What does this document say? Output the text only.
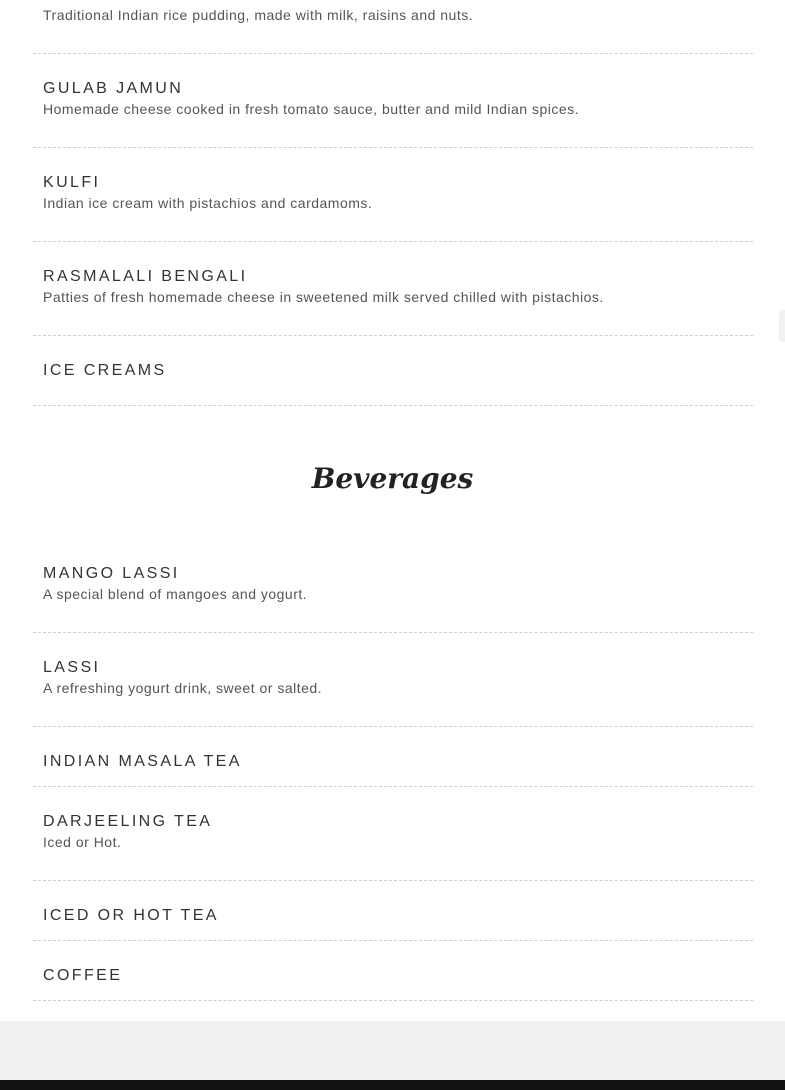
Traditional Indian rice pudding, made with milk, raisins and nuts.

GULAB JAMUN

Homemade cheese cooked in fresh tomato sauce, butter and mild Indian spices.

KULFI

Indian ice cream with pistachios and cardamoms.

RASMALALI BENGALI

Patties of fresh homemade cheese in sweetened milk served chilled with pistachios.

ICE CREAMS
Beverages
MANGO LASSI

A special blend of mangoes and yogurt.

LASSI

A refreshing yogurt drink, sweet or salted.

INDIAN MASALA TEA
DARJEELING TEA

Iced or Hot.

ICED OR HOT TEA
COFFEE
